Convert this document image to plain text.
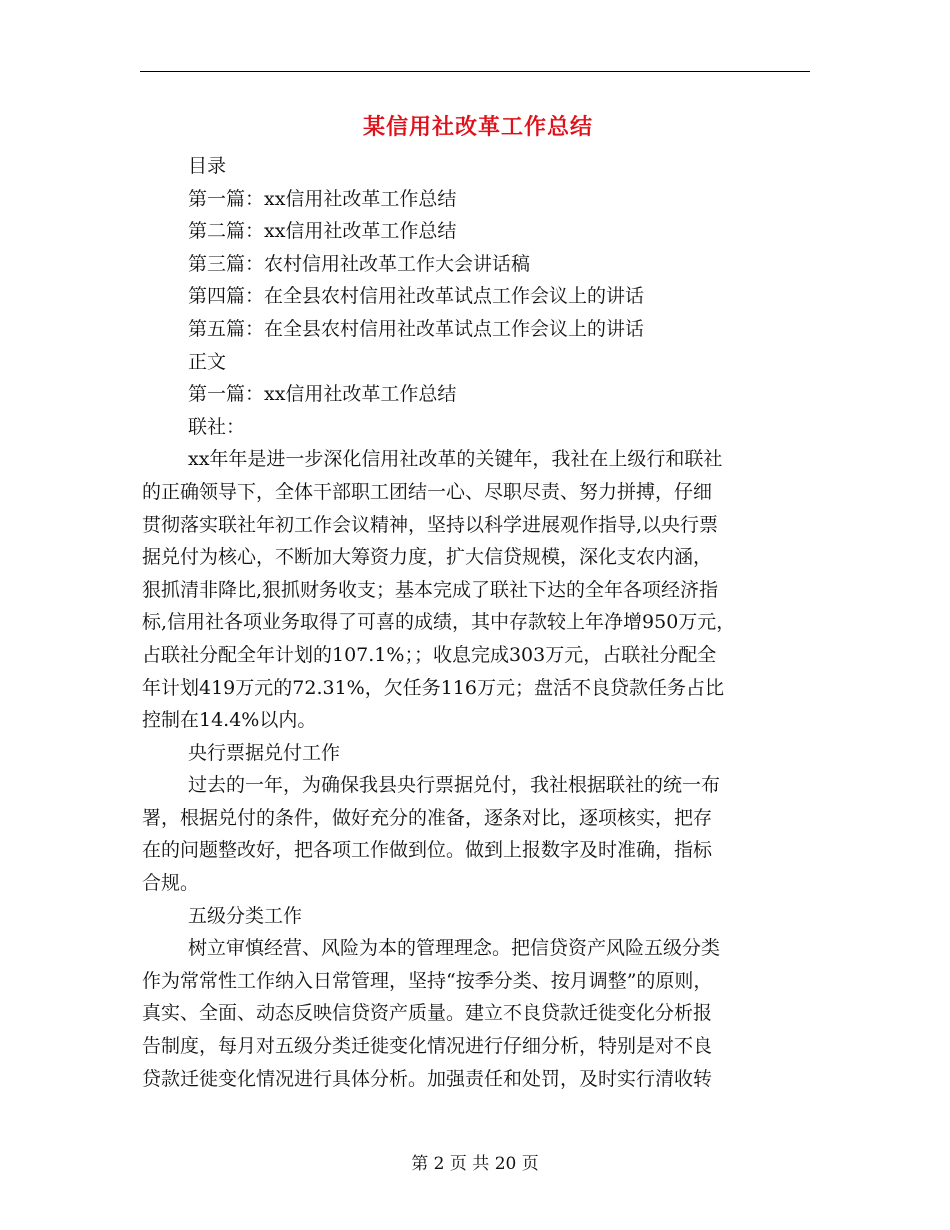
某信用社改革工作总结

目录

第一篇：xx信用社改革工作总结

第二篇：xx信用社改革工作总结

第三篇：农村信用社改革工作大会讲话稿

第四篇：在全县农村信用社改革试点工作会议上的讲话

第五篇：在全县农村信用社改革试点工作会议上的讲话

正文

第一篇：xx信用社改革工作总结

联社：

xx年年是进一步深化信用社改革的关键年，我社在上级行和联社
的正确领导下，全体干部职工团结一心、尽职尽责、努力拼搏，仔细
贯彻落实联社年初工作会议精神，坚持以科学进展观作指导,以央行票
据兑付为核心，不断加大筹资力度，扩大信贷规模，深化支农内涵，
狠抓清非降比,狠抓财务收支；基本完成了联社下达的全年各项经济指
标,信用社各项业务取得了可喜的成绩，其中存款较上年净增950万元，
占联社分配全年计划的107.1%；；收息完成303万元，占联社分配全
年计划419万元的72.31%，欠任务116万元；盘活不良贷款任务占比
控制在14.4%以内。

央行票据兑付工作

过去的一年，为确保我县央行票据兑付，我社根据联社的统一布
署，根据兑付的条件，做好充分的准备，逐条对比，逐项核实，把存
在的问题整改好，把各项工作做到位。做到上报数字及时准确，指标
合规。

五级分类工作

树立审慎经营、风险为本的管理理念。把信贷资产风险五级分类
作为常常性工作纳入日常管理，坚持“按季分类、按月调整”的原则，
真实、全面、动态反映信贷资产质量。建立不良贷款迁徙变化分析报
告制度，每月对五级分类迁徙变化情况进行仔细分析，特别是对不良
贷款迁徙变化情况进行具体分析。加强责任和处罚，及时实行清收转
第 2 页 共 20 页
